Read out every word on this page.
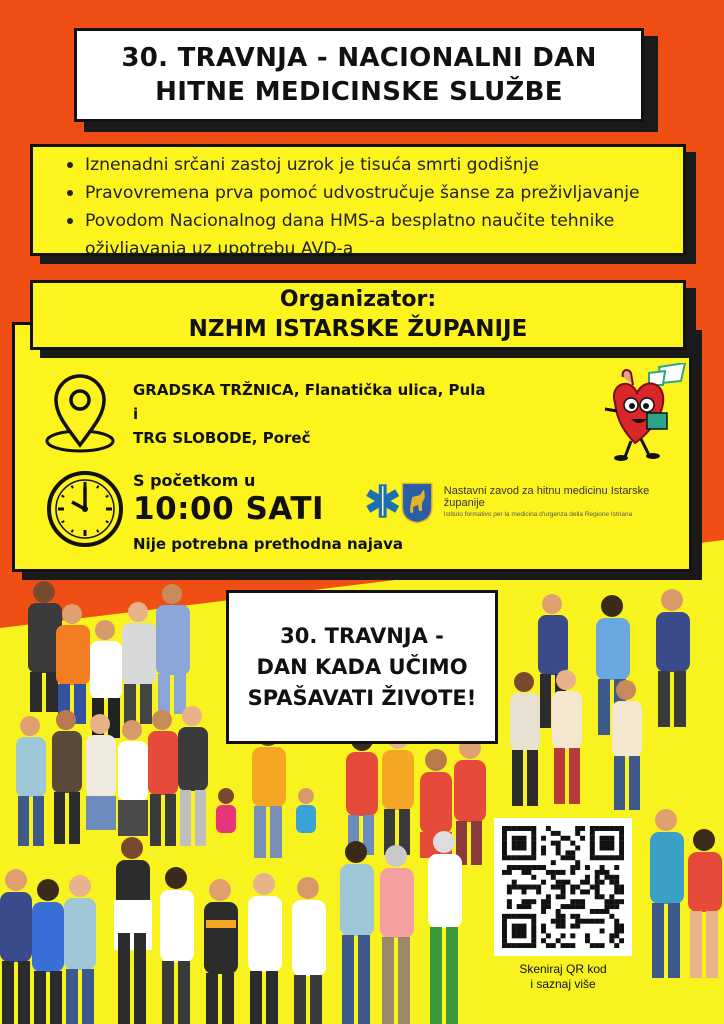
30. TRAVNJA - NACIONALNI DAN
HITNE MEDICINSKE SLUŽBE
Iznenadni srčani zastoj uzrok je tisuća smrti godišnje
Pravovremena prva pomoć udvostručuje šanse za preživljavanje
Povodom Nacionalnog dana HMS-a besplatno naučite tehnike oživljavanja uz upotrebu AVD-a
GRADSKA TRŽNICA, Flanatička ulica, Pula
i
TRG SLOBODE, Poreč
S početkom u
10:00 SATI
Nije potrebna prethodna najava
Nastavni zavod za hitnu medicinu Istarske županije
Istituto formativo per la medicina d'urgenza della Regione Istriana
Organizator:
NZHM ISTARSKE ŽUPANIJE
30. TRAVNJA -
DAN KADA UČIMO
SPAŠAVATI ŽIVOTE!
Skeniraj QR kod
i saznaj više
